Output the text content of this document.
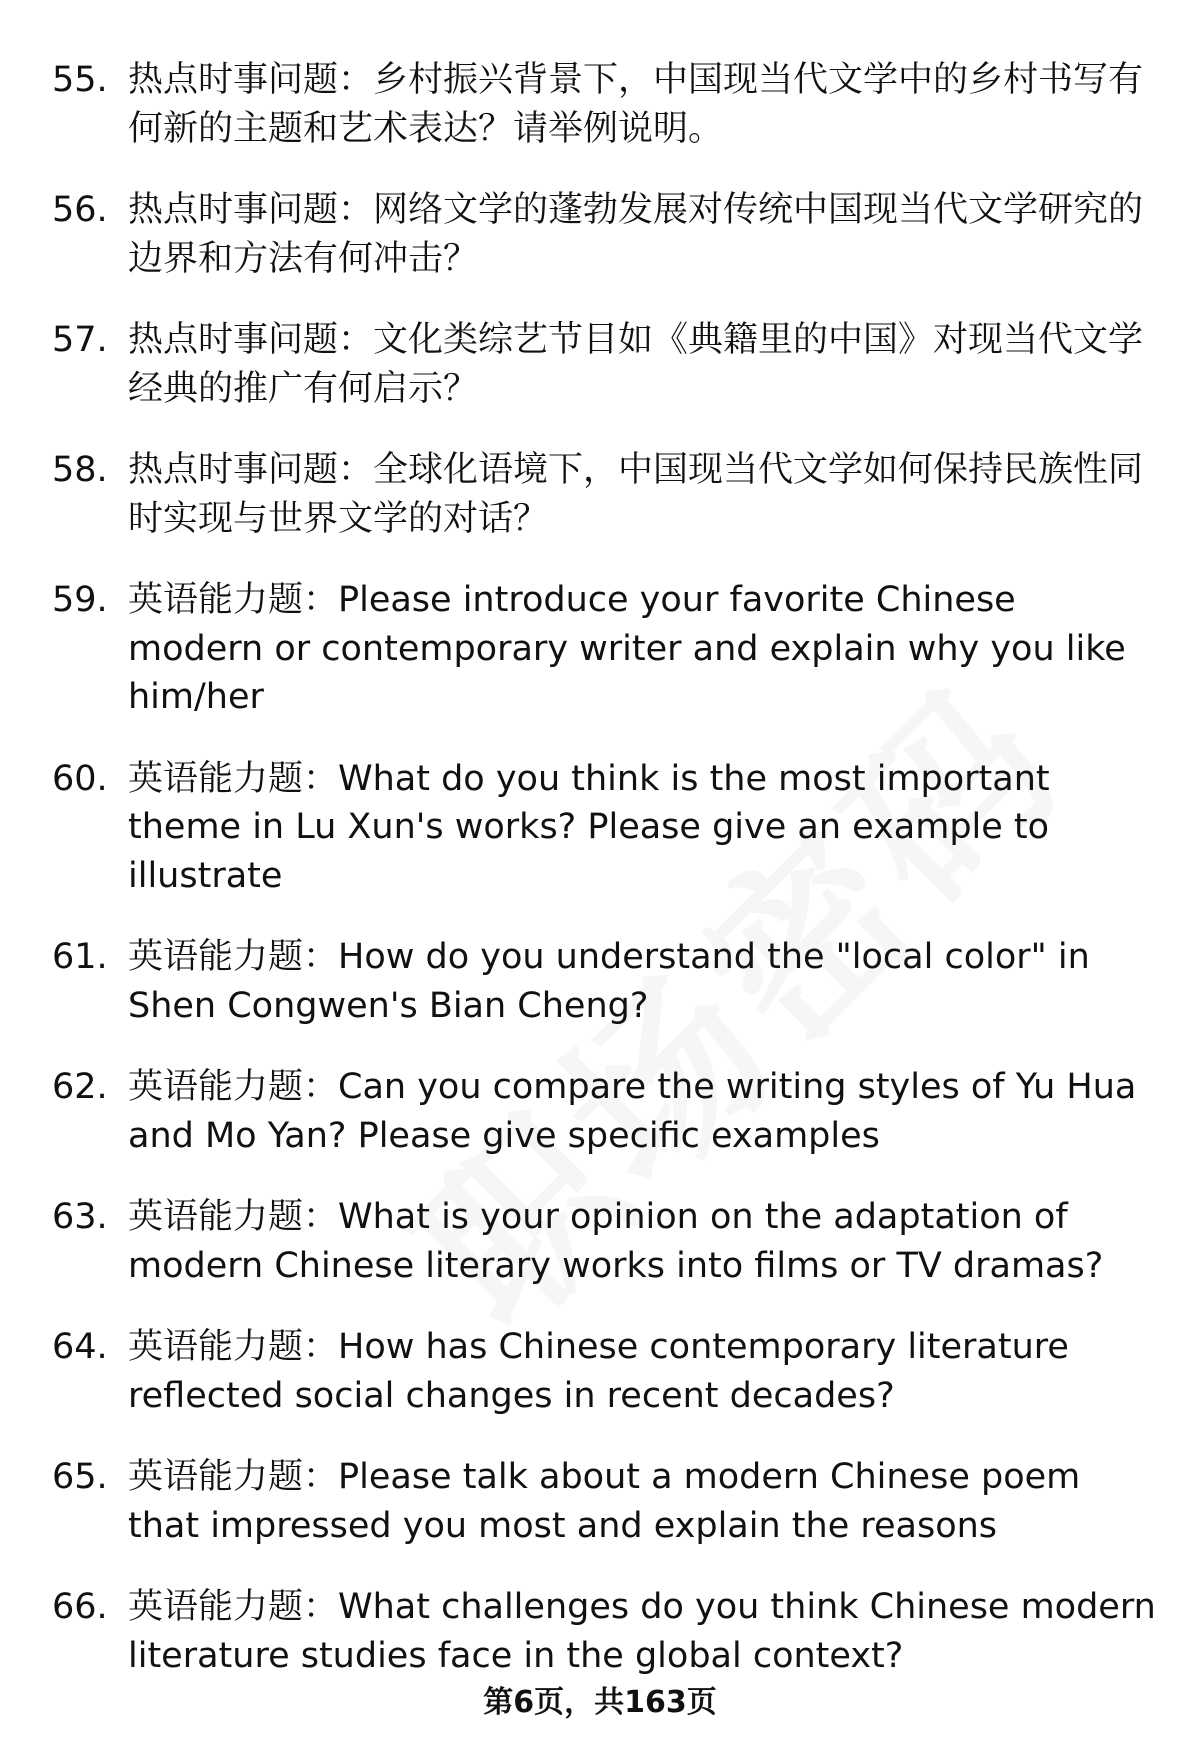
55. 热点时事问题：乡村振兴背景下，中国现当代文学中的乡村书写有何新的主题和艺术表达？请举例说明。
56. 热点时事问题：网络文学的蓬勃发展对传统中国现当代文学研究的边界和方法有何冲击？
57. 热点时事问题：文化类综艺节目如《典籍里的中国》对现当代文学经典的推广有何启示？
58. 热点时事问题：全球化语境下，中国现当代文学如何保持民族性同时实现与世界文学的对话？
59. 英语能力题：Please introduce your favorite Chinese modern or contemporary writer and explain why you like him/her
60. 英语能力题：What do you think is the most important theme in Lu Xun's works? Please give an example to illustrate
61. 英语能力题：How do you understand the "local color" in Shen Congwen's Bian Cheng?
62. 英语能力题：Can you compare the writing styles of Yu Hua and Mo Yan? Please give specific examples
63. 英语能力题：What is your opinion on the adaptation of modern Chinese literary works into films or TV dramas?
64. 英语能力题：How has Chinese contemporary literature reflected social changes in recent decades?
65. 英语能力题：Please talk about a modern Chinese poem that impressed you most and explain the reasons
66. 英语能力题：What challenges do you think Chinese modern literature studies face in the global context?
第6页，共163页
